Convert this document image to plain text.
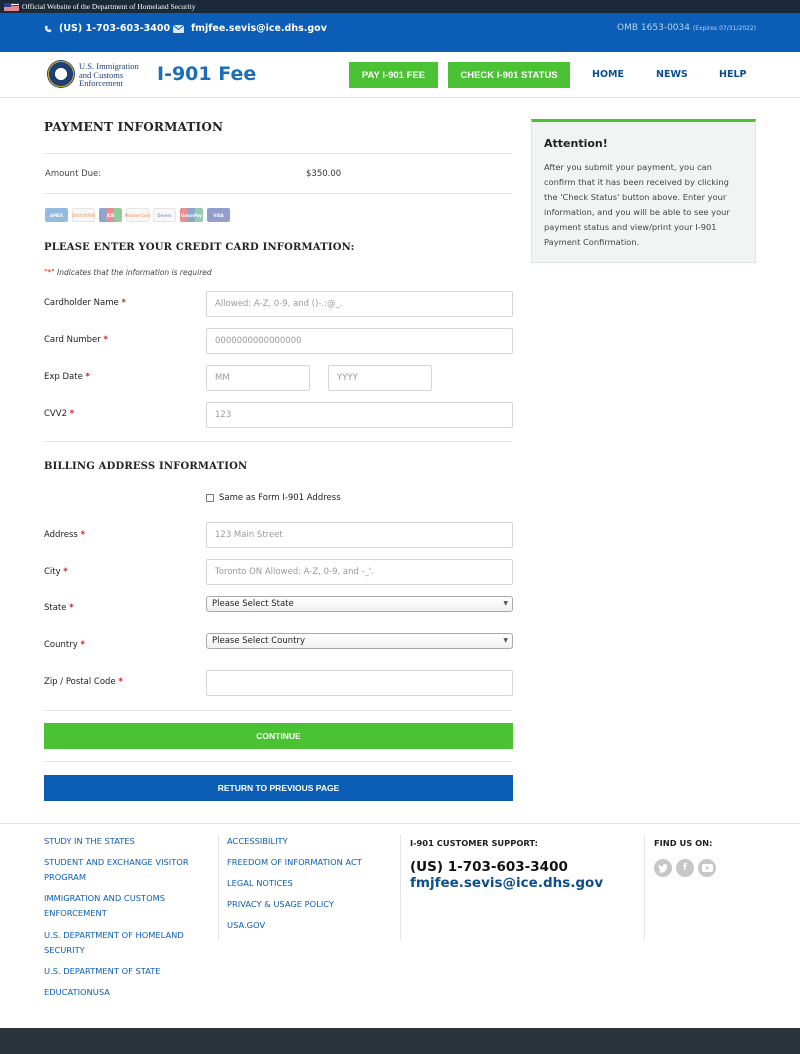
Official Website of the Department of Homeland Security
(US) 1-703-603-3400 fmjfee.sevis@ice.dhs.gov	OMB 1653-0034 (Expires 07/31/2022)
U.S. Immigration
and Customs
Enforcement	I-901 Fee	PAY I-901 FEE	CHECK I-901 STATUS	HOME	NEWS	HELP
PAYMENT INFORMATION
Amount Due:	$350.00
AMEX	DISCOVER	JCB	MasterCard	Diners	UnionPay	VISA
PLEASE ENTER YOUR CREDIT CARD INFORMATION:
"*" Indicates that the information is required
Cardholder Name *	Allowed: A-Z, 0-9, and ()-.:@_.
Card Number *	0000000000000000
Exp Date *	MM	YYYY
CVV2 *	123
BILLING ADDRESS INFORMATION
Same as Form I-901 Address
Address *	123 Main Street
City *	Toronto ON Allowed: A-Z, 0-9, and -_'.
State *	Please Select State	▼
Country *	Please Select Country	▼
Zip / Postal Code *
CONTINUE
RETURN TO PREVIOUS PAGE
Attention!

After you submit your payment, you can confirm that it has been received by clicking the 'Check Status' button above. Enter your information, and you will be able to see your payment status and view/print your I-901 Payment Confirmation.

STUDY IN THE STATES
STUDENT AND EXCHANGE VISITOR PROGRAM
IMMIGRATION AND CUSTOMS ENFORCEMENT
U.S. DEPARTMENT OF HOMELAND SECURITY
U.S. DEPARTMENT OF STATE
EDUCATIONUSA
ACCESSIBILITY
FREEDOM OF INFORMATION ACT
LEGAL NOTICES
PRIVACY & USAGE POLICY
USA.GOV
I-901 CUSTOMER SUPPORT:
(US) 1-703-603-3400
fmjfee.sevis@ice.dhs.gov
FIND US ON:
f
